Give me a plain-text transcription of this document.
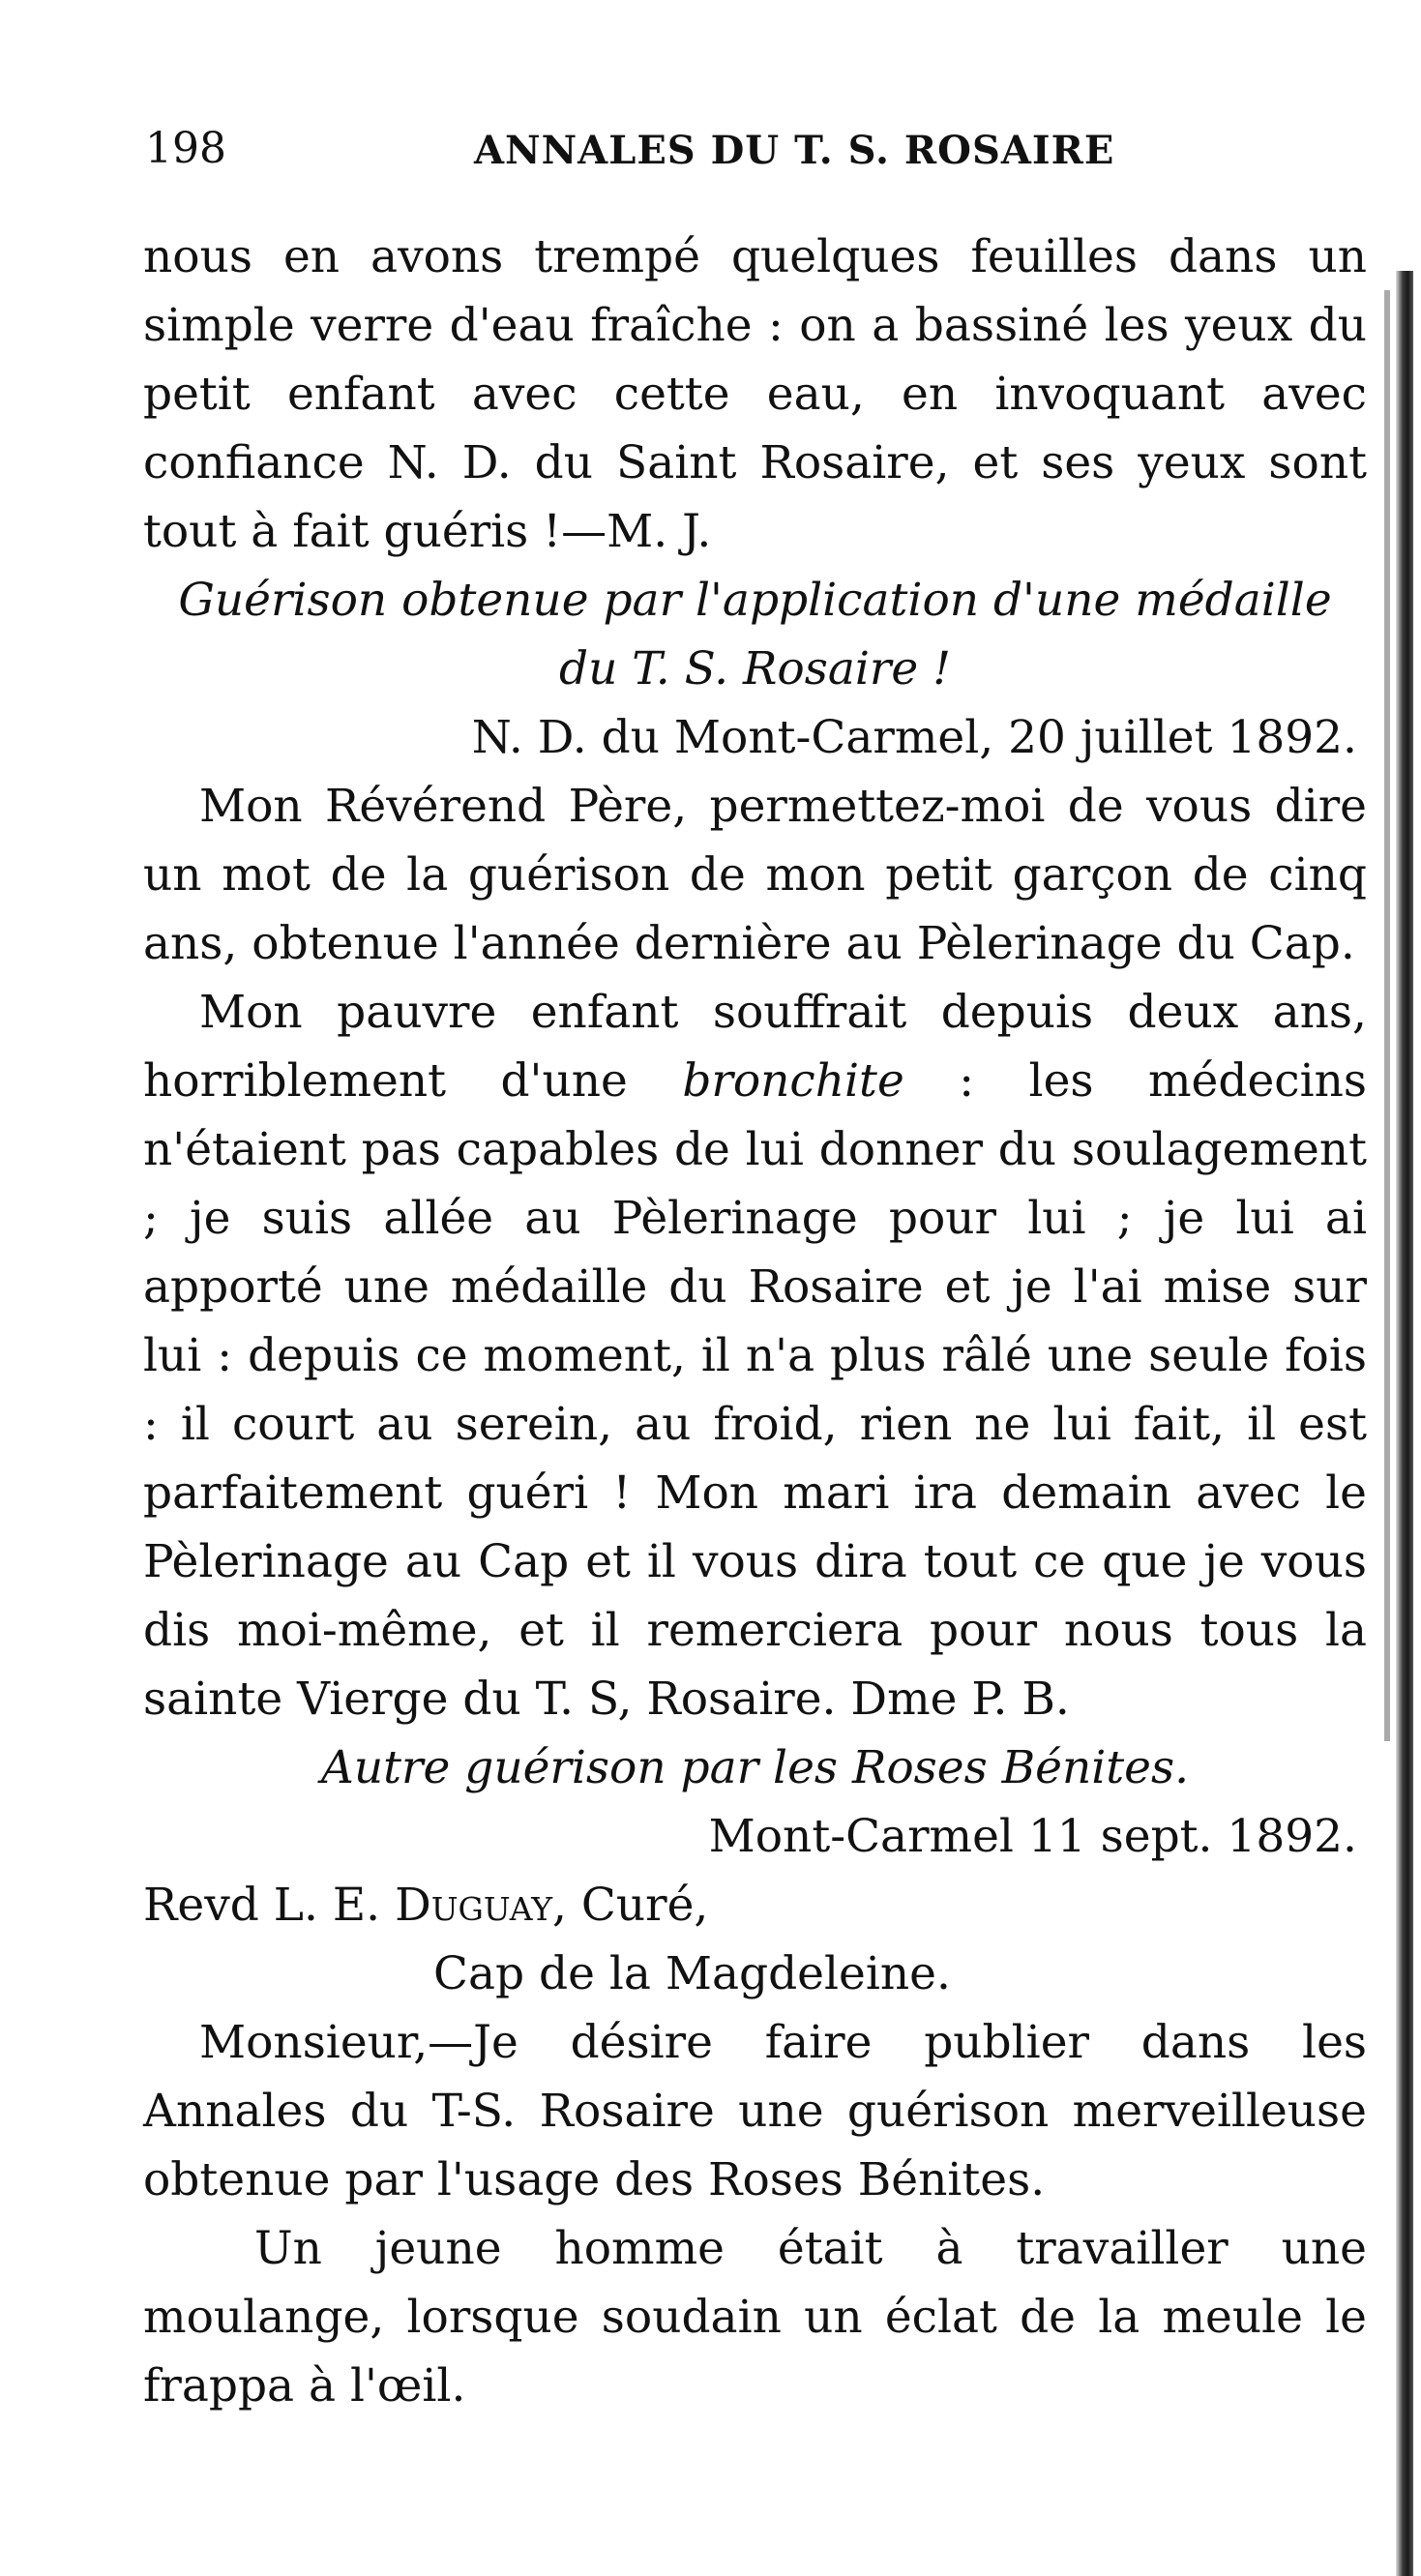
198	ANNALES DU T. S. ROSAIRE

nous en avons trempé quelques feuilles dans un simple verre d'eau fraîche : on a bassiné les yeux du petit enfant avec cette eau, en invoquant avec confiance N. D. du Saint Rosaire, et ses yeux sont tout à fait guéris !—M. J.

Guérison obtenue par l'application d'une médaille
du T. S. Rosaire !

N. D. du Mont-Carmel, 20 juillet 1892.

Mon Révérend Père, permettez-moi de vous dire un mot de la guérison de mon petit garçon de cinq ans, obtenue l'année dernière au Pèlerinage du Cap.

Mon pauvre enfant souffrait depuis deux ans, horriblement d'une bronchite : les médecins n'étaient pas capables de lui donner du soulagement ; je suis allée au Pèlerinage pour lui ; je lui ai apporté une médaille du Rosaire et je l'ai mise sur lui : depuis ce moment, il n'a plus râlé une seule fois : il court au serein, au froid, rien ne lui fait, il est parfaitement guéri ! Mon mari ira demain avec le Pèlerinage au Cap et il vous dira tout ce que je vous dis moi-même, et il remerciera pour nous tous la sainte Vierge du T. S, Rosaire. Dme P. B.

Autre guérison par les Roses Bénites.

Mont-Carmel 11 sept. 1892.

Revd L. E. Duguay, Curé,

Cap de la Magdeleine.

Monsieur,—Je désire faire publier dans les Annales du T-S. Rosaire une guérison merveilleuse obtenue par l'usage des Roses Bénites.

Un jeune homme était à travailler une moulange, lorsque soudain un éclat de la meule le frappa à l'œil.
